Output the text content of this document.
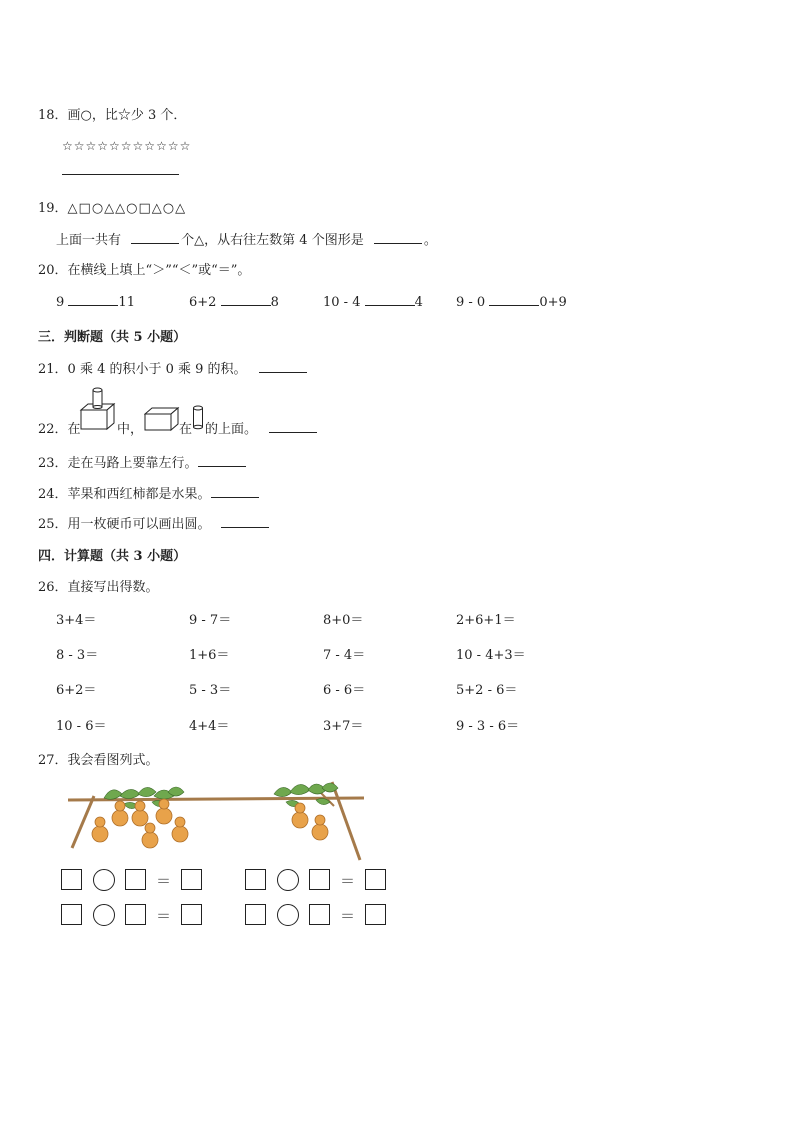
18．画○，比☆少 3 个．
☆☆☆☆☆☆☆☆☆☆☆
19．△□○△△○□△○△
上面一共有	个△，从右往左数第 4 个图形是	。
20．在横线上填上“＞”“＜”或“＝”。
9	11	6+2	8	10 - 4	4	9 - 0	0+9
三．判断题（共 5 小题）
21．0 乘 4 的积小于 0 乘 9 的积。
22．在	中，	在 的上面。
23．走在马路上要靠左行。
24．苹果和西红柿都是水果。
25．用一枚硬币可以画出圆。
四．计算题（共 3 小题）
26．直接写出得数。
3+4＝	9 - 7＝	8+0＝	2+6+1＝
8 - 3＝	1+6＝	7 - 4＝	10 - 4+3＝
6+2＝	5 - 3＝	6 - 6＝	5+2 - 6＝
10 - 6＝	4+4＝	3+7＝	9 - 3 - 6＝
27．我会看图列式。
＝	＝
＝	＝
